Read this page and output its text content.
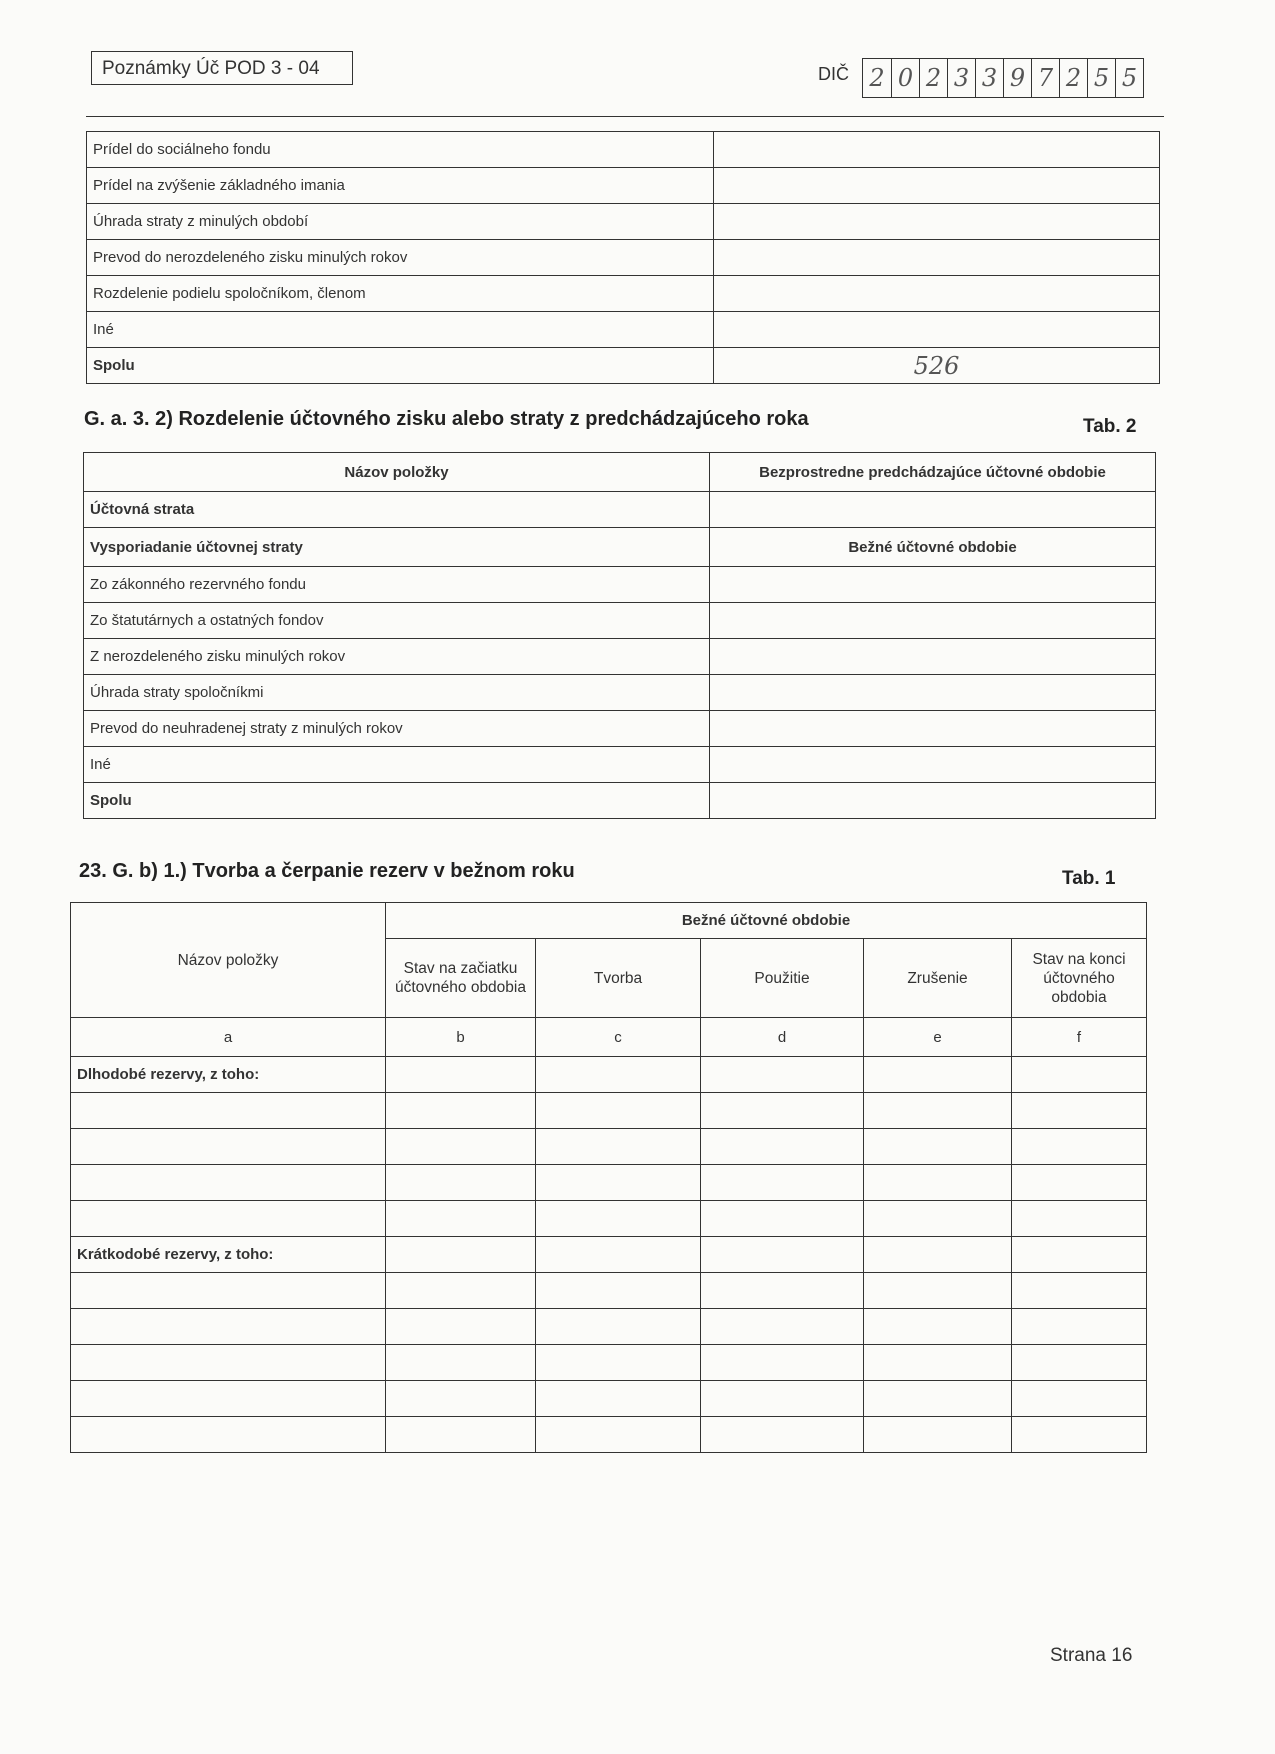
Poznámky Úč POD 3 - 04	DIČ 2 0 2 3 3 9 7 2 5 5
Prídel do sociálneho fondu	
Prídel na zvýšenie základného imania	
Úhrada straty z minulých období	
Prevod do nerozdeleného zisku minulých rokov	
Rozdelenie podielu spoločníkom, členom	
Iné	
Spolu	526
G. a. 3. 2) Rozdelenie účtovného zisku alebo straty z predchádzajúceho roka	Tab. 2
Názov položky	Bezprostredne predchádzajúce účtovné obdobie
Účtovná strata	
Vysporiadanie účtovnej straty	Bežné účtovné obdobie
Zo zákonného rezervného fondu	
Zo štatutárnych a ostatných fondov	
Z nerozdeleného zisku minulých rokov	
Úhrada straty spoločníkmi	
Prevod do neuhradenej straty z minulých rokov	
Iné	
Spolu	
23. G. b) 1.) Tvorba a čerpanie rezerv v bežnom roku	Tab. 1
Názov položky	Bežné účtovné obdobie				
	Stav na začiatku účtovného obdobia	Tvorba	Použitie	Zrušenie	Stav na konci účtovného obdobia
a	b	c	d	e	f
Dlhodobé rezervy, z toho:					

Krátkodobé rezervy, z toho:					

Strana 16
